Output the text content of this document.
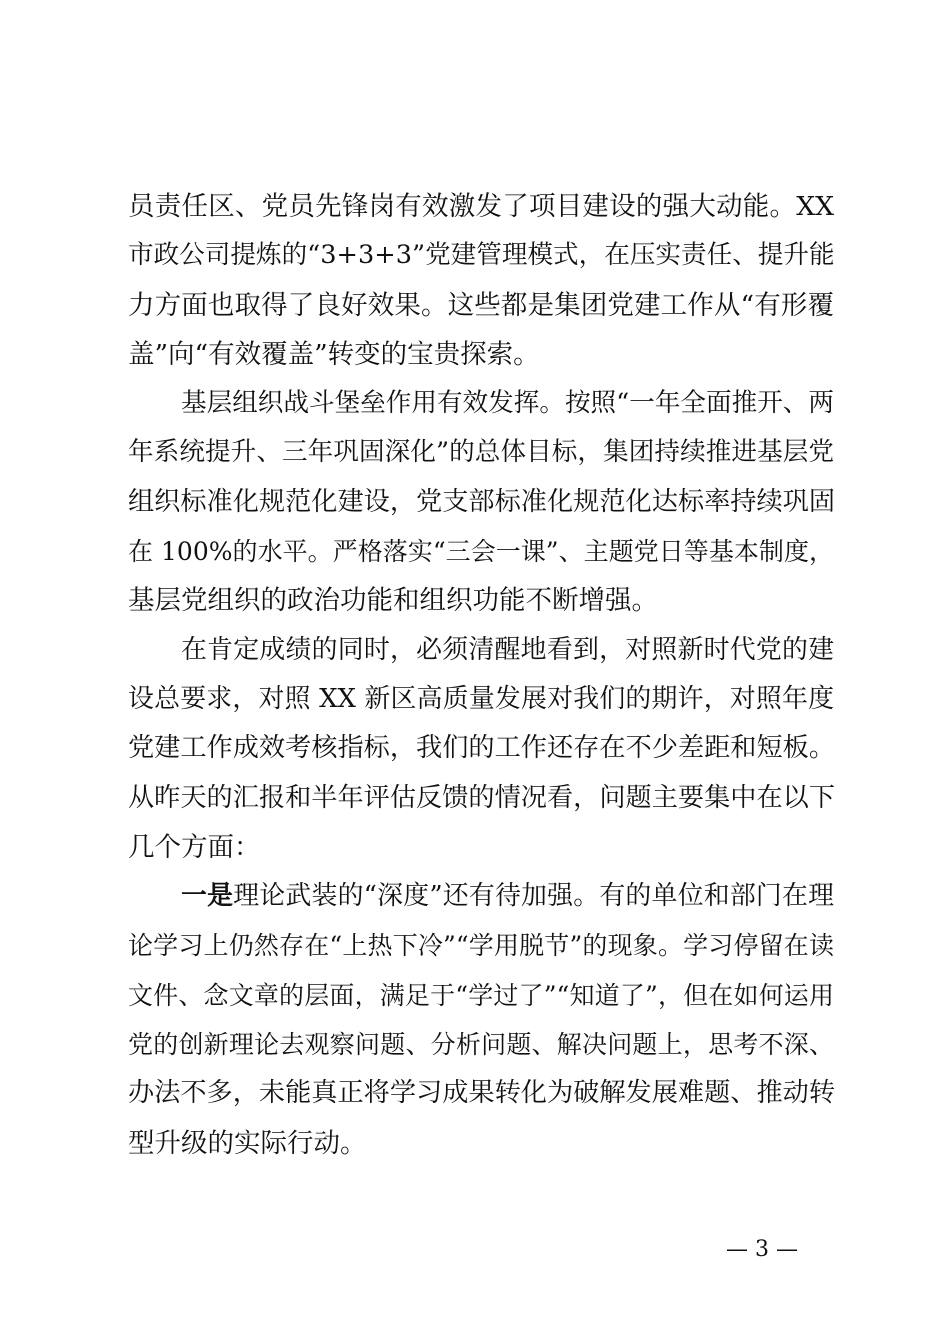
员责任区、党员先锋岗有效激发了项目建设的强大动能。XX
市政公司提炼的“3+3+3”党建管理模式，在压实责任、提升能
力方面也取得了良好效果。这些都是集团党建工作从“有形覆
盖”向“有效覆盖”转变的宝贵探索。
基层组织战斗堡垒作用有效发挥。按照“一年全面推开、两
年系统提升、三年巩固深化”的总体目标，集团持续推进基层党
组织标准化规范化建设，党支部标准化规范化达标率持续巩固
在 100%的水平。严格落实“三会一课”、主题党日等基本制度，
基层党组织的政治功能和组织功能不断增强。
在肯定成绩的同时，必须清醒地看到，对照新时代党的建
设总要求，对照 XX 新区高质量发展对我们的期许，对照年度
党建工作成效考核指标，我们的工作还存在不少差距和短板。
从昨天的汇报和半年评估反馈的情况看，问题主要集中在以下
几个方面：
一是理论武装的“深度”还有待加强。有的单位和部门在理
论学习上仍然存在“上热下冷”“学用脱节”的现象。学习停留在读
文件、念文章的层面，满足于“学过了”“知道了”，但在如何运用
党的创新理论去观察问题、分析问题、解决问题上，思考不深、
办法不多，未能真正将学习成果转化为破解发展难题、推动转
型升级的实际行动。
— 3 —
